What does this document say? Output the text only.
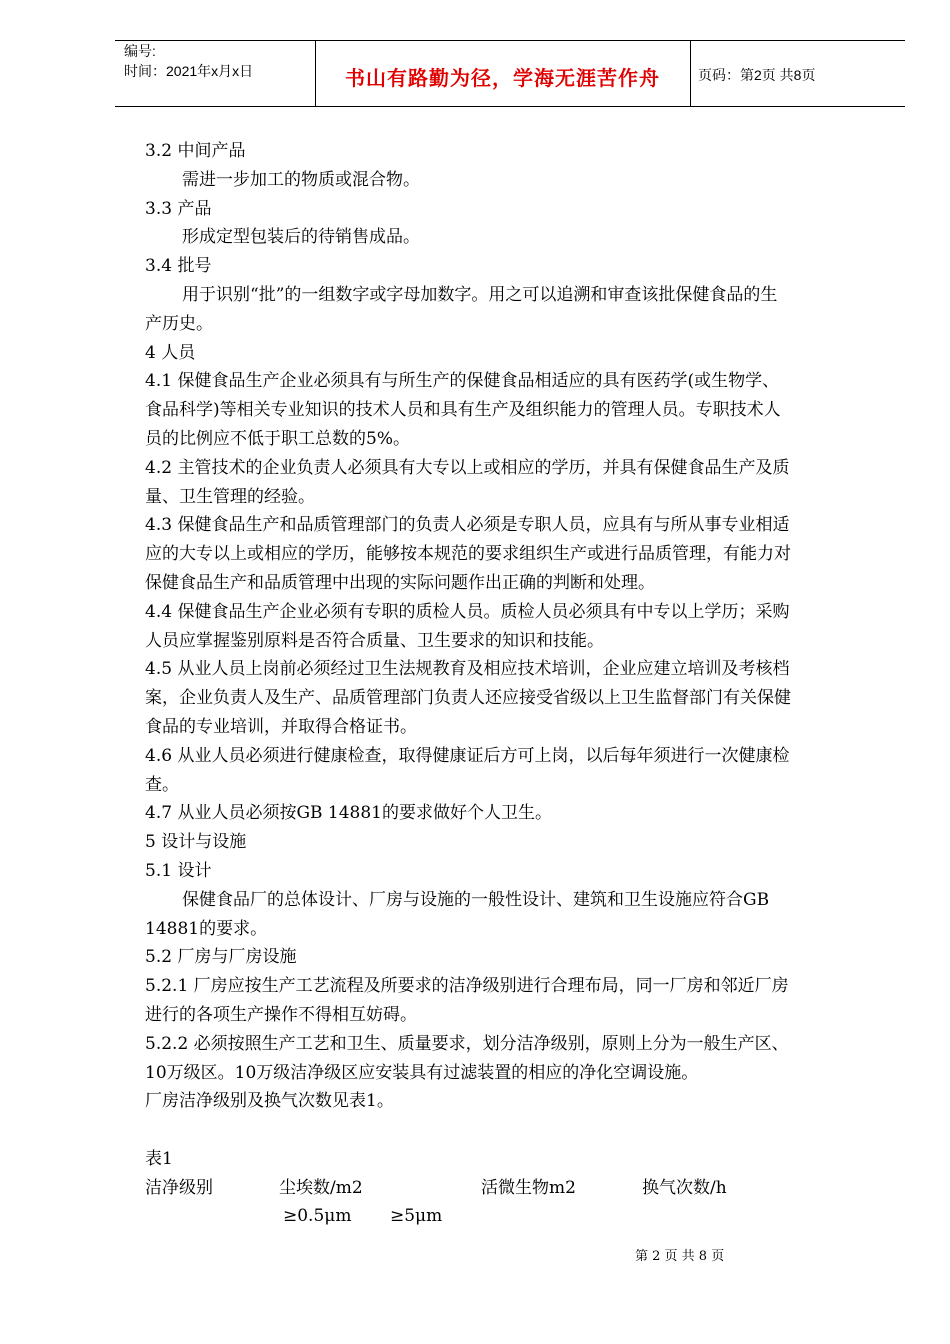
编号:
时间：2021年x月x日	书山有路勤为径，学海无涯苦作舟	页码：第2页 共8页

3.2 中间产品

需进一步加工的物质或混合物。

3.3 产品

形成定型包装后的待销售成品。

3.4 批号

用于识别“批”的一组数字或字母加数字。用之可以追溯和审查该批保健食品的生

产历史。

4 人员

4.1 保健食品生产企业必须具有与所生产的保健食品相适应的具有医药学(或生物学、

食品科学)等相关专业知识的技术人员和具有生产及组织能力的管理人员。专职技术人

员的比例应不低于职工总数的5%。

4.2 主管技术的企业负责人必须具有大专以上或相应的学历，并具有保健食品生产及质

量、卫生管理的经验。

4.3 保健食品生产和品质管理部门的负责人必须是专职人员，应具有与所从事专业相适

应的大专以上或相应的学历，能够按本规范的要求组织生产或进行品质管理，有能力对

保健食品生产和品质管理中出现的实际问题作出正确的判断和处理。

4.4 保健食品生产企业必须有专职的质检人员。质检人员必须具有中专以上学历；采购

人员应掌握鉴别原料是否符合质量、卫生要求的知识和技能。

4.5 从业人员上岗前必须经过卫生法规教育及相应技术培训，企业应建立培训及考核档

案，企业负责人及生产、品质管理部门负责人还应接受省级以上卫生监督部门有关保健

食品的专业培训，并取得合格证书。

4.6 从业人员必须进行健康检查，取得健康证后方可上岗，以后每年须进行一次健康检

查。

4.7 从业人员必须按GB 14881的要求做好个人卫生。

5 设计与设施

5.1 设计

保健食品厂的总体设计、厂房与设施的一般性设计、建筑和卫生设施应符合GB

14881的要求。

5.2 厂房与厂房设施

5.2.1 厂房应按生产工艺流程及所要求的洁净级别进行合理布局，同一厂房和邻近厂房

进行的各项生产操作不得相互妨碍。

5.2.2 必须按照生产工艺和卫生、质量要求，划分洁净级别，原则上分为一般生产区、

10万级区。10万级洁净级区应安装具有过滤装置的相应的净化空调设施。

厂房洁净级别及换气次数见表1。

表1

洁净级别	尘埃数/m2	活微生物m2	换气次数/h
≥0.5μm ≥5μm
第 2 页 共 8 页
